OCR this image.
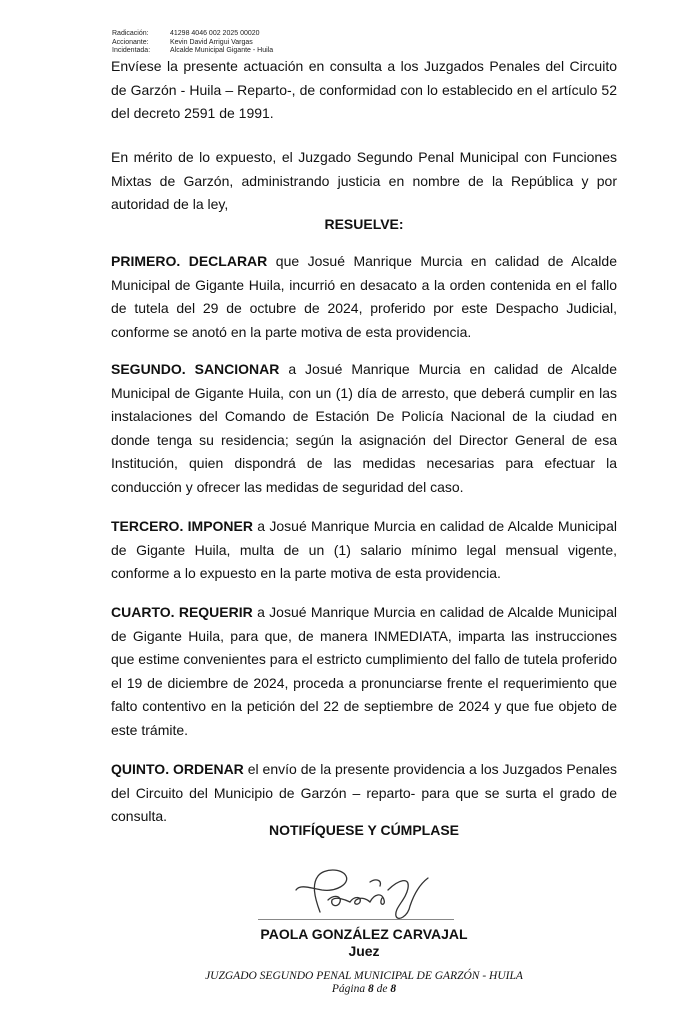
Radicación:	41298 4046 002 2025 00020
Accionante:	Kevin David Arrigui Vargas
Incidentada:	Alcalde Municipal Gigante - Huila

Envíese la presente actuación en consulta a los Juzgados Penales del Circuito de Garzón - Huila – Reparto-, de conformidad con lo establecido en el artículo 52 del decreto 2591 de 1991.

En mérito de lo expuesto, el Juzgado Segundo Penal Municipal con Funciones Mixtas de Garzón, administrando justicia en nombre de la República y por autoridad de la ley,

RESUELVE:

PRIMERO. DECLARAR que Josué Manrique Murcia en calidad de Alcalde Municipal de Gigante Huila, incurrió en desacato a la orden contenida en el fallo de tutela del 29 de octubre de 2024, proferido por este Despacho Judicial, conforme se anotó en la parte motiva de esta providencia.

SEGUNDO. SANCIONAR a Josué Manrique Murcia en calidad de Alcalde Municipal de Gigante Huila, con un (1) día de arresto, que deberá cumplir en las instalaciones del Comando de Estación De Policía Nacional de la ciudad en donde tenga su residencia; según la asignación del Director General de esa Institución, quien dispondrá de las medidas necesarias para efectuar la conducción y ofrecer las medidas de seguridad del caso.

TERCERO. IMPONER a Josué Manrique Murcia en calidad de Alcalde Municipal de Gigante Huila, multa de un (1) salario mínimo legal mensual vigente, conforme a lo expuesto en la parte motiva de esta providencia.

CUARTO. REQUERIR a Josué Manrique Murcia en calidad de Alcalde Municipal de Gigante Huila, para que, de manera INMEDIATA, imparta las instrucciones que estime convenientes para el estricto cumplimiento del fallo de tutela proferido el 19 de diciembre de 2024, proceda a pronunciarse frente el requerimiento que falto contentivo en la petición del 22 de septiembre de 2024 y que fue objeto de este trámite.

QUINTO. ORDENAR el envío de la presente providencia a los Juzgados Penales del Circuito del Municipio de Garzón – reparto- para que se surta el grado de consulta.

NOTIFÍQUESE Y CÚMPLASE
PAOLA GONZÁLEZ CARVAJAL
Juez
JUZGADO SEGUNDO PENAL MUNICIPAL DE GARZÓN - HUILA
Página 8 de 8
